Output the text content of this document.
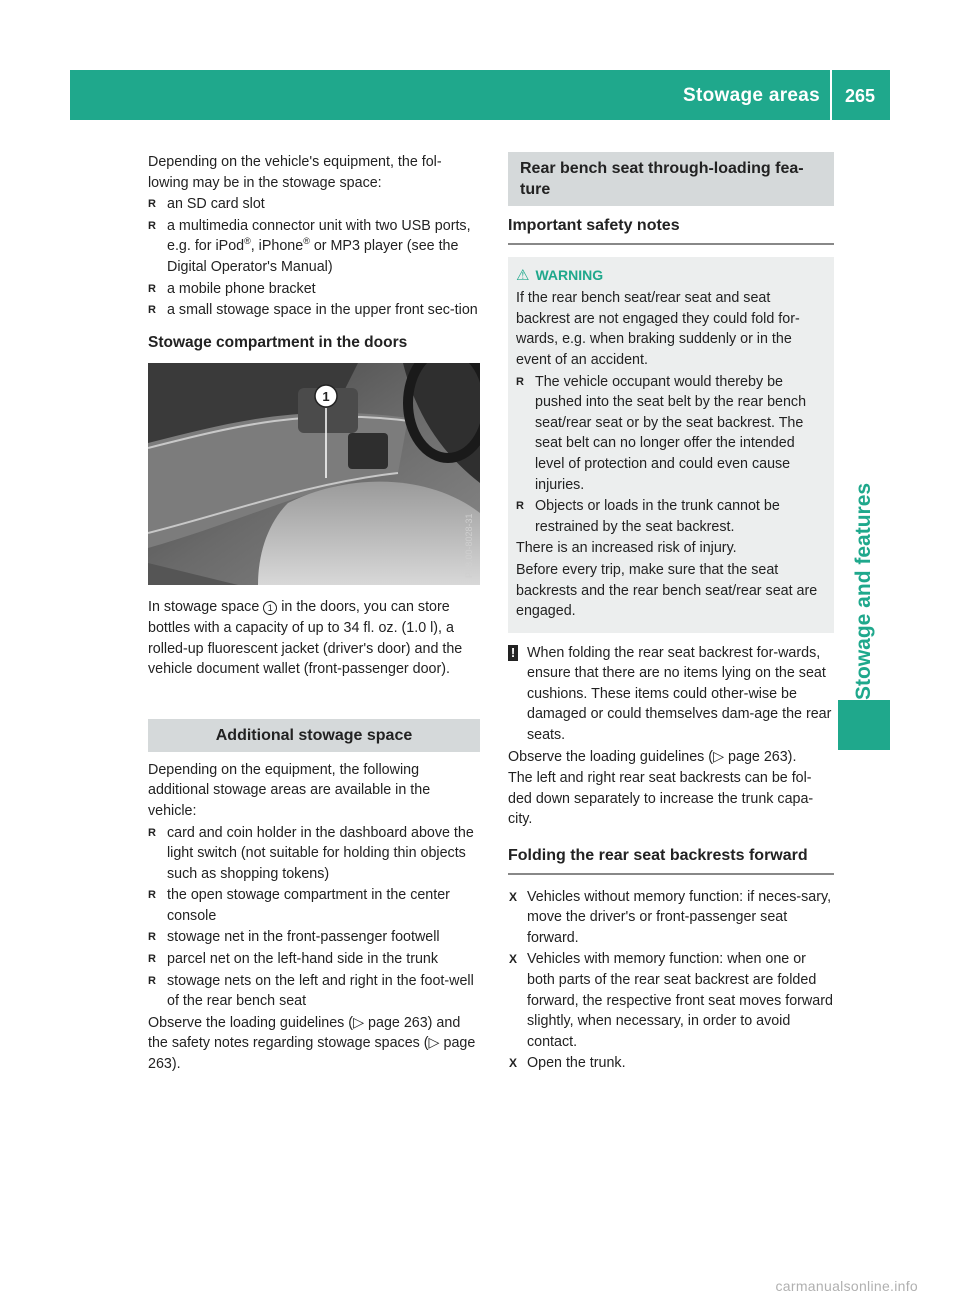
Stowage areas	265
Stowage and features

Depending on the vehicle's equipment, the fol-lowing may be in the stowage space:

R an SD card slot
R a multimedia connector unit with two USB ports, e.g. for iPod®, iPhone® or MP3 player (see the Digital Operator's Manual)
R a mobile phone bracket
R a small stowage space in the upper front sec-tion
Stowage compartment in the doors
1
P68.00-8028-31

In stowage space 1 in the doors, you can store bottles with a capacity of up to 34 fl. oz. (1.0 l), a rolled-up fluorescent jacket (driver's door) and the vehicle document wallet (front-passenger door).

Additional stowage space

Depending on the equipment, the following additional stowage areas are available in the vehicle:

R card and coin holder in the dashboard above the light switch (not suitable for holding thin objects such as shopping tokens)
R the open stowage compartment in the center console
R stowage net in the front-passenger footwell
R parcel net on the left-hand side in the trunk
R stowage nets on the left and right in the foot-well of the rear bench seat

Observe the loading guidelines (▷ page 263) and the safety notes regarding stowage spaces (▷ page 263).

Rear bench seat through-loading fea-ture
Important safety notes
⚠ WARNING

If the rear bench seat/rear seat and seat backrest are not engaged they could fold for-wards, e.g. when braking suddenly or in the event of an accident.

R The vehicle occupant would thereby be pushed into the seat belt by the rear bench seat/rear seat or by the seat backrest. The seat belt can no longer offer the intended level of protection and could even cause injuries.
R Objects or loads in the trunk cannot be restrained by the seat backrest.

There is an increased risk of injury.

Before every trip, make sure that the seat backrests and the rear bench seat/rear seat are engaged.

! When folding the rear seat backrest for-wards, ensure that there are no items lying on the seat cushions. These items could other-wise be damaged or could themselves dam-age the rear seats.

Observe the loading guidelines (▷ page 263).

The left and right rear seat backrests can be fol-ded down separately to increase the trunk capa-city.

Folding the rear seat backrests forward
X Vehicles without memory function: if neces-sary, move the driver's or front-passenger seat forward.
X Vehicles with memory function: when one or both parts of the rear seat backrest are folded forward, the respective front seat moves forward slightly, when necessary, in order to avoid contact.
X Open the trunk.
carmanualsonline.info
